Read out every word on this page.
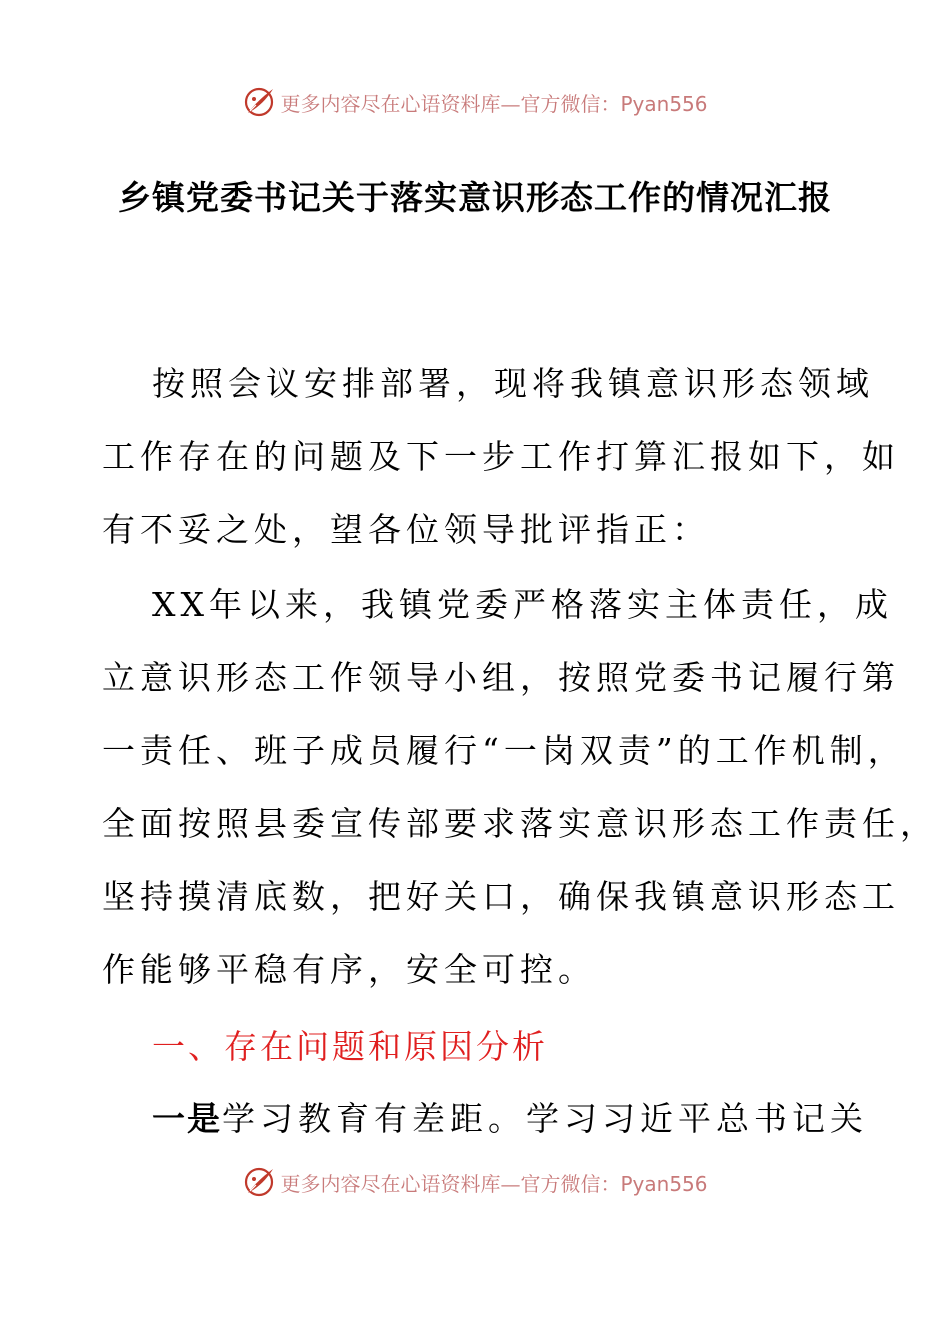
更多内容尽在心语资料库—官方微信：Pyan556
乡镇党委书记关于落实意识形态工作的情况汇报
按照会议安排部署，现将我镇意识形态领域
工作存在的问题及下一步工作打算汇报如下，如
有不妥之处，望各位领导批评指正：
XX年以来，我镇党委严格落实主体责任，成
立意识形态工作领导小组，按照党委书记履行第
一责任、班子成员履行“一岗双责”的工作机制，
全面按照县委宣传部要求落实意识形态工作责任，
坚持摸清底数，把好关口，确保我镇意识形态工
作能够平稳有序，安全可控。
一、存在问题和原因分析
一是学习教育有差距。学习习近平总书记关
更多内容尽在心语资料库—官方微信：Pyan556
